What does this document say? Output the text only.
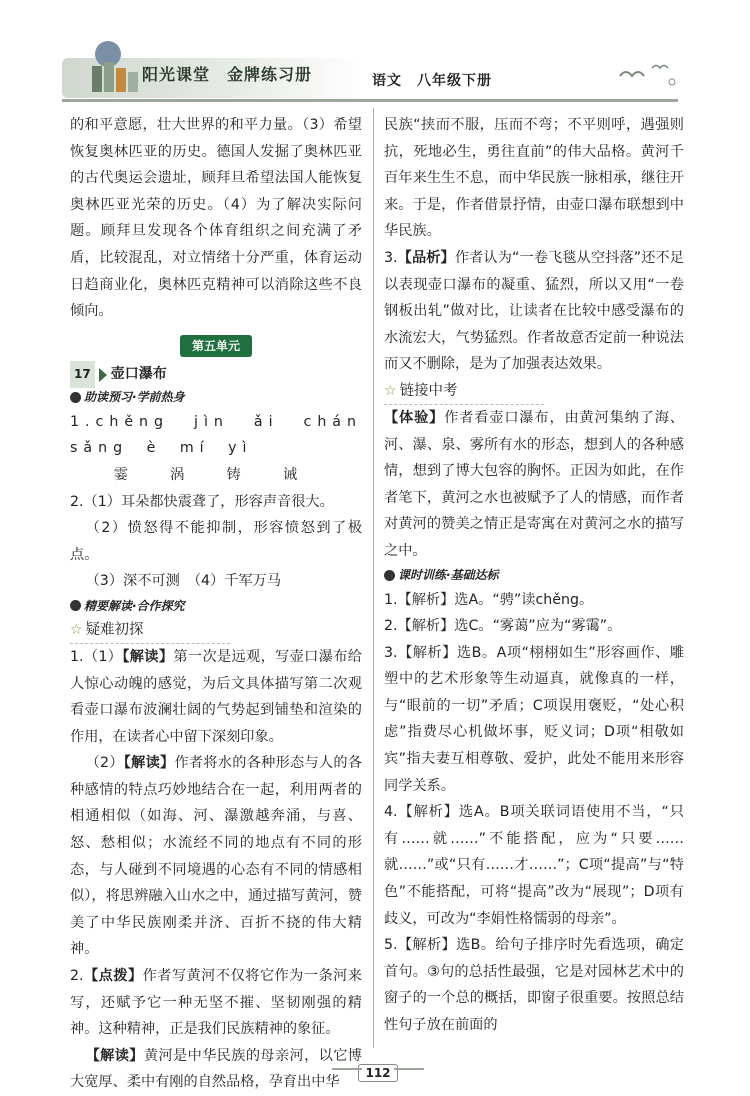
阳光课堂　金牌练习册	语文　八年级下册

的和平意愿，壮大世界的和平力量。（3）希望恢复奥林匹亚的历史。德国人发掘了奥林匹亚的古代奥运会遗址，顾拜旦希望法国人能恢复奥林匹亚光荣的历史。（4）为了解决实际问题。顾拜旦发现各个体育组织之间充满了矛盾，比较混乱，对立情绪十分严重，体育运动日趋商业化，奥林匹克精神可以消除这些不良倾向。

第五单元
17 壶口瀑布
助读预习·学前热身

1.chěng jìn ǎi chán sǎng è mí yì

　霎　涡　铸　诫

2.（1）耳朵都快震聋了，形容声音很大。

（2）愤怒得不能抑制，形容愤怒到了极点。

（3）深不可测　（4）千军万马

精要解读·合作探究
☆ 疑难初探

1.（1）【解读】第一次是远观，写壶口瀑布给人惊心动魄的感觉，为后文具体描写第二次观看壶口瀑布波澜壮阔的气势起到铺垫和渲染的作用，在读者心中留下深刻印象。

（2）【解读】作者将水的各种形态与人的各种感情的特点巧妙地结合在一起，利用两者的相通相似（如海、河、瀑激越奔涌，与喜、怒、愁相似；水流经不同的地点有不同的形态，与人碰到不同境遇的心态有不同的情感相似），将思辨融入山水之中，通过描写黄河，赞美了中华民族刚柔并济、百折不挠的伟大精神。

2.【点拨】作者写黄河不仅将它作为一条河来写，还赋予它一种无坚不摧、坚韧刚强的精神。这种精神，正是我们民族精神的象征。

【解读】黄河是中华民族的母亲河，以它博大宽厚、柔中有刚的自然品格，孕育出中华

民族“挟而不服，压而不弯；不平则呼，遇强则抗，死地必生，勇往直前”的伟大品格。黄河千百年来生生不息，而中华民族一脉相承，继往开来。于是，作者借景抒情，由壶口瀑布联想到中华民族。

3.【品析】作者认为“一卷飞毯从空抖落”还不足以表现壶口瀑布的凝重、猛烈，所以又用“一卷钢板出轧”做对比，让读者在比较中感受瀑布的水流宏大，气势猛烈。作者故意否定前一种说法而又不删除，是为了加强表达效果。

☆ 链接中考

【体验】作者看壶口瀑布，由黄河集纳了海、河、瀑、泉、雾所有水的形态，想到人的各种感情，想到了博大包容的胸怀。正因为如此，在作者笔下，黄河之水也被赋予了人的情感，而作者对黄河的赞美之情正是寄寓在对黄河之水的描写之中。

课时训练·基础达标

1.【解析】选A。“骋”读chěng。

2.【解析】选C。“雾蔼”应为“雾霭”。

3.【解析】选B。A项“栩栩如生”形容画作、雕塑中的艺术形象等生动逼真，就像真的一样，与“眼前的一切”矛盾；C项误用褒贬，“处心积虑”指费尽心机做坏事，贬义词；D项“相敬如宾”指夫妻互相尊敬、爱护，此处不能用来形容同学关系。

4.【解析】选A。B项关联词语使用不当，“只有……就……”不能搭配，应为“只要……就……”或“只有……才……”；C项“提高”与“特色”不能搭配，可将“提高”改为“展现”；D项有歧义，可改为“李娟性格懦弱的母亲”。

5.【解析】选B。给句子排序时先看选项，确定首句。③句的总括性最强，它是对园林艺术中的窗子的一个总的概括，即窗子很重要。按照总结性句子放在前面的

112
